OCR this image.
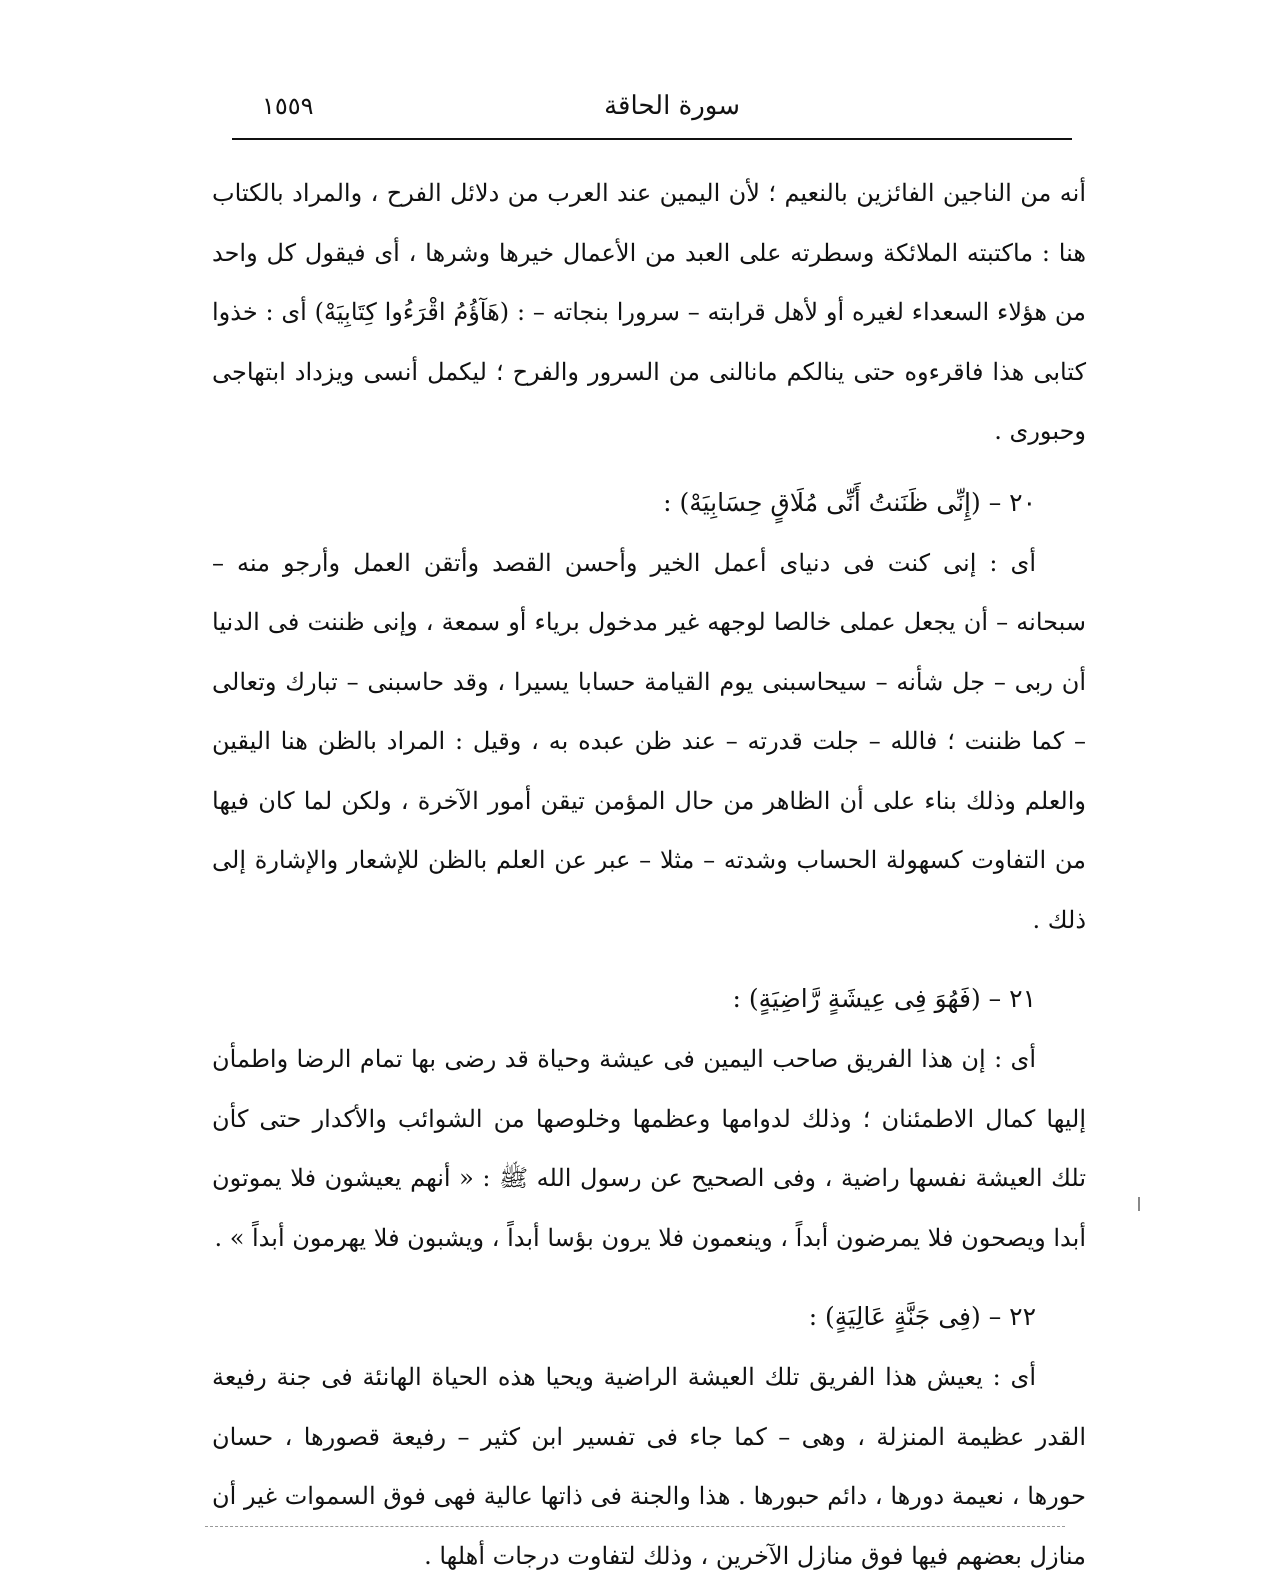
سورة الحاقة
١٥٥٩

أنه من الناجين الفائزين بالنعيم ؛ لأن اليمين عند العرب من دلائل الفرح ، والمراد بالكتاب هنا : ماكتبته الملائكة وسطرته على العبد من الأعمال خيرها وشرها ، أى فيقول كل واحد من هؤلاء السعداء لغيره أو لأهل قرابته – سرورا بنجاته – : (هَآؤُمُ اقْرَءُوا كِتَابِيَهْ) أى : خذوا كتابى هذا فاقرءوه حتى ينالكم مانالنى من السرور والفرح ؛ ليكمل أنسى ويزداد ابتهاجى وحبورى .

٢٠ – (إِنِّى ظَنَنتُ أَنِّى مُلَاقٍ حِسَابِيَهْ) :

أى : إنى كنت فى دنياى أعمل الخير وأحسن القصد وأتقن العمل وأرجو منه – سبحانه – أن يجعل عملى خالصا لوجهه غير مدخول برياء أو سمعة ، وإنى ظننت فى الدنيا أن ربى – جل شأنه – سيحاسبنى يوم القيامة حسابا يسيرا ، وقد حاسبنى – تبارك وتعالى – كما ظننت ؛ فالله – جلت قدرته – عند ظن عبده به ، وقيل : المراد بالظن هنا اليقين والعلم وذلك بناء على أن الظاهر من حال المؤمن تيقن أمور الآخرة ، ولكن لما كان فيها من التفاوت كسهولة الحساب وشدته – مثلا – عبر عن العلم بالظن للإشعار والإشارة إلى ذلك .

٢١ – (فَهُوَ فِى عِيشَةٍ رَّاضِيَةٍ) :

أى : إن هذا الفريق صاحب اليمين فى عيشة وحياة قد رضى بها تمام الرضا واطمأن إليها كمال الاطمئنان ؛ وذلك لدوامها وعظمها وخلوصها من الشوائب والأكدار حتى كأن تلك العيشة نفسها راضية ، وفى الصحيح عن رسول الله ﷺ : « أنهم يعيشون فلا يموتون أبدا ويصحون فلا يمرضون أبداً ، وينعمون فلا يرون بؤسا أبداً ، ويشبون فلا يهرمون أبداً » .

٢٢ – (فِى جَنَّةٍ عَالِيَةٍ) :

أى : يعيش هذا الفريق تلك العيشة الراضية ويحيا هذه الحياة الهانئة فى جنة رفيعة القدر عظيمة المنزلة ، وهى – كما جاء فى تفسير ابن كثير – رفيعة قصورها ، حسان حورها ، نعيمة دورها ، دائم حبورها . هذا والجنة فى ذاتها عالية فهى فوق السموات غير أن منازل بعضهم فيها فوق منازل الآخرين ، وذلك لتفاوت درجات أهلها .
